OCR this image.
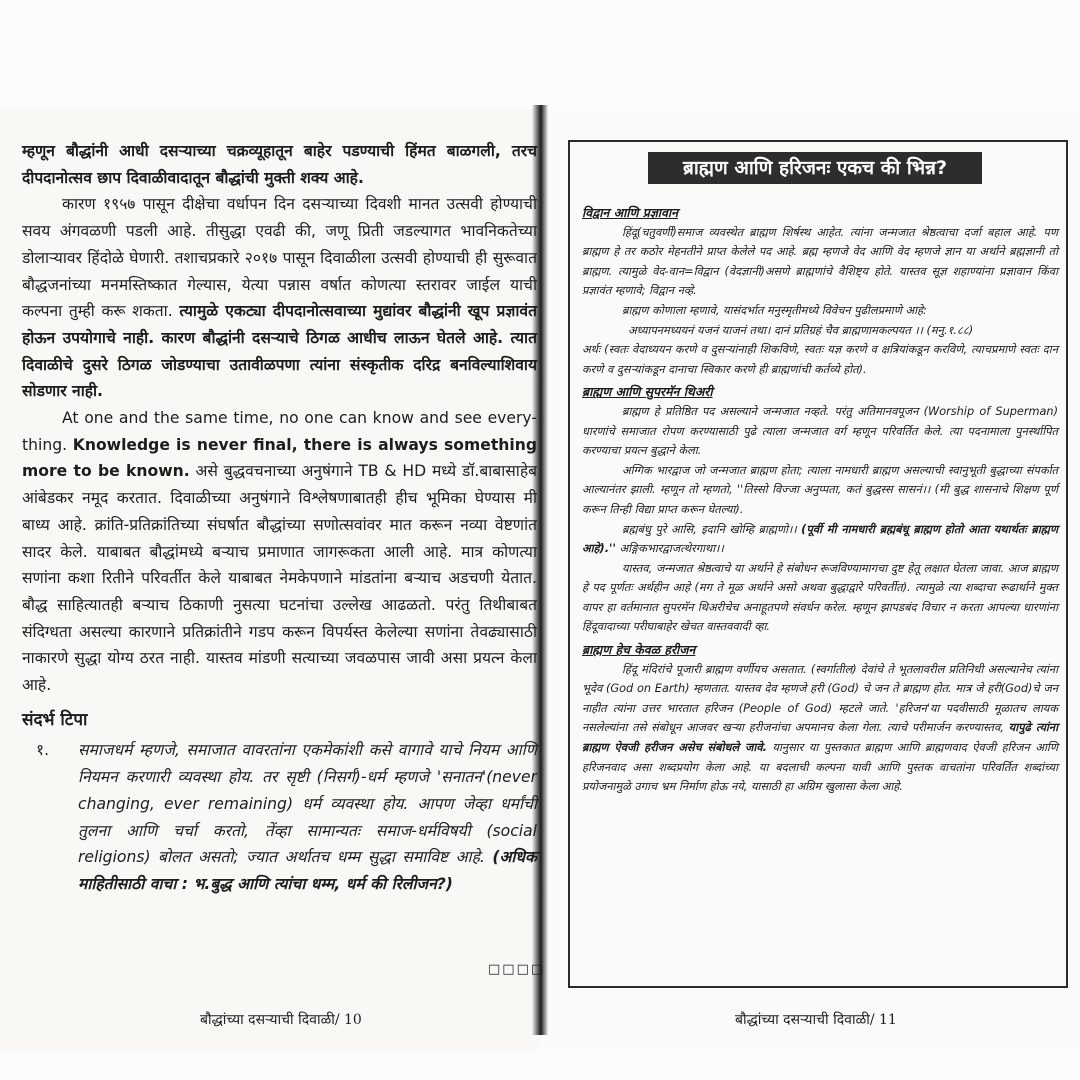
म्हणून बौद्धांनी आधी दसऱ्याच्या चक्रव्यूहातून बाहेर पडण्याची हिंमत बाळगली, तरच दीपदानोत्सव छाप दिवाळीवादातून बौद्धांची मुक्ती शक्य आहे.

कारण १९५७ पासून दीक्षेचा वर्धापन दिन दसऱ्याच्या दिवशी मानत उत्सवी होण्याची सवय अंगवळणी पडली आहे. तीसुद्धा एवढी की, जणू प्रिती जडल्यागत भावनिकतेच्या डोलाऱ्यावर हिंदोळे घेणारी. तशाचप्रकारे २०१७ पासून दिवाळीला उत्सवी होण्याची ही सुरूवात बौद्धजनांच्या मनमस्तिष्कात गेल्यास, येत्या पन्नास वर्षात कोणत्या स्तरावर जाईल याची कल्पना तुम्ही करू शकता. त्यामुळे एकट्या दीपदानोत्सवाच्या मुद्यांवर बौद्धांनी खूप प्रज्ञावंत होऊन उपयोगाचे नाही. कारण बौद्धांनी दसऱ्याचे ठिगळ आधीच लाऊन घेतले आहे. त्यात दिवाळीचे दुसरे ठिगळ जोडण्याचा उतावीळपणा त्यांना संस्कृतीक दरिद्र बनविल्याशिवाय सोडणार नाही.

At one and the same time, no one can know and see every-thing. Knowledge is never final, there is always something more to be known. असे बुद्धवचनाच्या अनुषंगाने TB & HD मध्ये डॉ.बाबासाहेब आंबेडकर नमूद करतात. दिवाळीच्या अनुषंगाने विश्लेषणाबातही हीच भूमिका घेण्यास मी बाध्य आहे. क्रांति-प्रतिक्रांतिच्या संघर्षात बौद्धांच्या सणोत्सवांवर मात करून नव्या वेष्टणांत सादर केले. याबाबत बौद्धांमध्ये बऱ्याच प्रमाणात जागरूकता आली आहे. मात्र कोणत्या सणांना कशा रितीने परिवर्तीत केले याबाबत नेमकेपणाने मांडतांना बऱ्याच अडचणी येतात. बौद्ध साहित्यातही बऱ्याच ठिकाणी नुसत्या घटनांचा उल्लेख आढळतो. परंतु तिथीबाबत संदिग्धता असल्या कारणाने प्रतिक्रांतीने गडप करून विपर्यस्त केलेल्या सणांना तेवढ्यासाठी नाकारणे सुद्धा योग्य ठरत नाही. यास्तव मांडणी सत्याच्या जवळपास जावी असा प्रयत्न केला आहे.

संदर्भ टिपा

१.	समाजधर्म म्हणजे, समाजात वावरतांना एकमेकांशी कसे वागावे याचे नियम आणि नियमन करणारी व्यवस्था होय. तर सृष्टी (निसर्ग)-धर्म म्हणजे 'सनातन'(never changing, ever remaining) धर्म व्यवस्था होय. आपण जेव्हा धर्मांची तुलना आणि चर्चा करतो, तेंव्हा सामान्यतः समाज-धर्मविषयी (social religions) बोलत असतो; ज्यात अर्थातच धम्म सुद्धा समाविष्ट आहे. (अधिक माहितीसाठी वाचा : भ.बुद्ध आणि त्यांचा धम्म, धर्म की रिलीजन?)

□□□□
बौद्धांच्या दसऱ्याची दिवाळी/ 10
ब्राह्मण आणि हरिजनः एकच की भिन्न?

विद्वान आणि प्रज्ञावान

हिंदू(चतुवर्णी)समाज व्यवस्थेत ब्राह्मण शिर्षस्थ आहेत. त्यांना जन्मजात श्रेष्ठत्वाचा दर्जा बहाल आहे. पण ब्राह्मण हे तर कठोर मेहनतीने प्राप्त केलेले पद आहे. ब्रह्म म्हणजे वेद आणि वेद म्हणजे ज्ञान या अर्थाने ब्रह्मज्ञानी तो ब्राह्मण. त्यामुळे वेद-वान=विद्वान (वेदज्ञानी)असणे ब्राह्मणांचे वैशिष्ट्य होते. यास्तव सूज्ञ शहाण्यांना प्रज्ञावान किंवा प्रज्ञावंत म्हणावे; विद्वान नव्हे.

ब्राह्मण कोणाला म्हणावे, यासंदर्भात मनुस्मृतीमध्ये विवेचन पुढीलप्रमाणे आहे:

अध्यापनमध्ययनं यजनं याजनं तथा। दानं प्रतिग्रहं चैव ब्राह्मणामकल्पयत ।। (मनु.१.८८)

अर्थः (स्वतः वेदाध्ययन करणे व दुसऱ्यांनाही शिकविणे, स्वतः यज्ञ करणे व क्षत्रियांकडून करविणे, त्याचप्रमाणे स्वतः दान करणे व दुसऱ्यांकडून दानाचा स्विकार करणे ही ब्राह्मणांची कर्तव्ये होत).

ब्राह्मण आणि सुपरमॅन थिअरी

ब्राह्मण हे प्रतिष्ठित पद असल्याने जन्मजात नव्हते. परंतु अतिमानवपूजन (Worship of Superman) धारणांचे समाजात रोपण करण्यासाठी पुढे त्याला जन्मजात वर्ग म्हणून परिवर्तित केले. त्या पदनामाला पुनर्स्थापित करण्याचा प्रयत्न बुद्धाने केला.

अग्गिक भारद्वाज जो जन्मजात ब्राह्मण होता; त्याला नामधारी ब्राह्मण असल्याची स्वानुभूती बुद्धाच्या संपर्कात आल्यानंतर झाली. म्हणून तो म्हणतो, ''तिस्सो विज्जा अनुप्पता, कतं बुद्धस्स सासनं।। (मी बुद्ध शासनाचे शिक्षण पूर्ण करून तिन्ही विद्या प्राप्त करून घेतल्या).

ब्रह्मबंधु पुरे आसि, इदानि खोम्हि ब्राह्मणो।। (पूर्वी मी नामधारी ब्रह्मबंधू ब्राह्मण होतो आता यथार्थतः ब्राह्मण आहे).'' अङ्गिकभारद्वाजत्थेरगाथा।।

यास्तव, जन्मजात श्रेष्ठत्वाचे या अर्थाने हे संबोधन रूजविण्यामागचा दुष्ट हेतू लक्षात घेतला जावा. आज ब्राह्मण हे पद पूर्णतः अर्थहीन आहे (मग ते मूळ अर्थाने असो अथवा बुद्धाद्वारे परिवर्तीत). त्यामुळे त्या शब्दाचा रूढार्थाने मुक्त वापर हा वर्तमानात सुपरमॅन थिअरीचेच अनाहूतपणे संवर्धन करेल. म्हणून झापडबंद विचार न करता आपल्या धारणांना हिंदूवादाच्या परीघाबाहेर खेचत वास्तववादी व्हा.

ब्राह्मण हेच केवळ हरीजन

हिंदू मंदिरांचे पूजारी ब्राह्मण वर्णीयच असतात. (स्वर्गातील) देवांचे ते भूतलावरील प्रतिनिधी असल्यानेच त्यांना भूदेव (God on Earth) म्हणतात. यास्तव देव म्हणजे हरी (God) चे जन ते ब्राह्मण होत. मात्र जे हरी(God)चे जन नाहीत त्यांना उत्तर भारतात हरिजन (People of God) म्हटले जाते. 'हरिजन'या पदवीसाठी मूळातच लायक नसलेल्यांना तसे संबोधून आजवर खऱ्या हरीजनांचा अपमानच केला गेला. त्याचे परीमार्जन करण्यास्तव, यापुढे त्यांना ब्राह्मण ऐवजी हरीजन असेच संबोधले जावे. यानुसार या पुस्तकात ब्राह्मण आणि ब्राह्मणवाद ऐवजी हरिजन आणि हरिजनवाद असा शब्दप्रयोग केला आहे. या बदलाची कल्पना यावी आणि पुस्तक वाचतांना परिवर्तित शब्दांच्या प्रयोजनामुळे उगाच भ्रम निर्माण होऊ नये, यासाठी हा अग्रिम खुलासा केला आहे.

बौद्धांच्या दसऱ्याची दिवाळी/ 11
